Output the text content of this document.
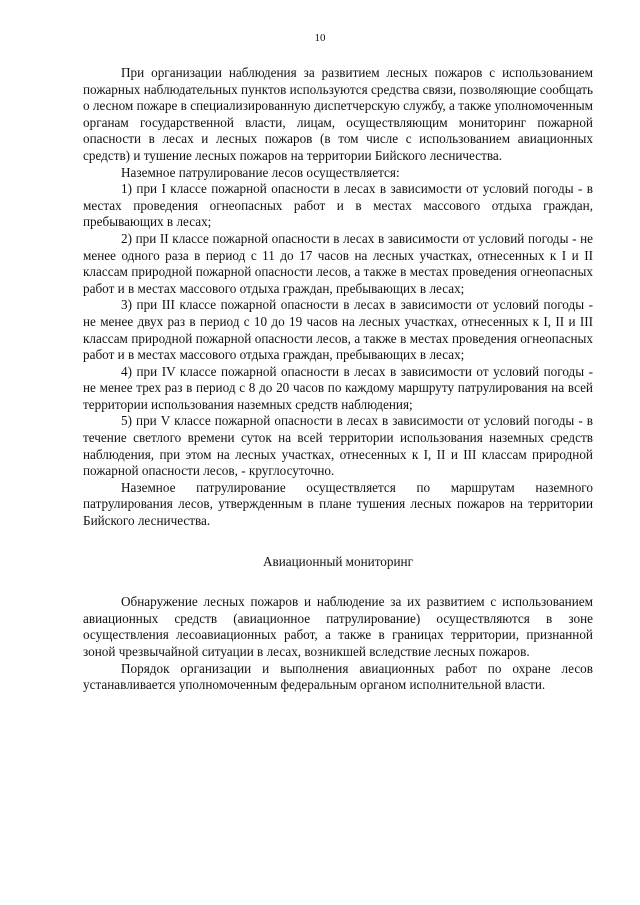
10

При организации наблюдения за развитием лесных пожаров с использованием пожарных наблюдательных пунктов используются средства связи, позволяющие сообщать о лесном пожаре в специализированную диспетчерскую службу, а также уполномоченным органам государственной власти, лицам, осуществляющим мониторинг пожарной опасности в лесах и лесных пожаров (в том числе с использованием авиационных средств) и тушение лесных пожаров на территории Бийского лесничества.

Наземное патрулирование лесов осуществляется:

1) при I классе пожарной опасности в лесах в зависимости от условий погоды - в местах проведения огнеопасных работ и в местах массового отдыха граждан, пребывающих в лесах;

2) при II классе пожарной опасности в лесах в зависимости от условий погоды - не менее одного раза в период с 11 до 17 часов на лесных участках, отнесенных к I и II классам природной пожарной опасности лесов, а также в местах проведения огнеопасных работ и в местах массового отдыха граждан, пребывающих в лесах;

3) при III классе пожарной опасности в лесах в зависимости от условий погоды - не менее двух раз в период с 10 до 19 часов на лесных участках, отнесенных к I, II и III классам природной пожарной опасности лесов, а также в местах проведения огнеопасных работ и в местах массового отдыха граждан, пребывающих в лесах;

4) при IV классе пожарной опасности в лесах в зависимости от условий погоды - не менее трех раз в период с 8 до 20 часов по каждому маршруту патрулирования на всей территории использования наземных средств наблюдения;

5) при V классе пожарной опасности в лесах в зависимости от условий погоды - в течение светлого времени суток на всей территории использования наземных средств наблюдения, при этом на лесных участках, отнесенных к I, II и III классам природной пожарной опасности лесов, - круглосуточно.

Наземное патрулирование осуществляется по маршрутам наземного патрулирования лесов, утвержденным в плане тушения лесных пожаров на территории Бийского лесничества.

Авиационный мониторинг

Обнаружение лесных пожаров и наблюдение за их развитием с использованием авиационных средств (авиационное патрулирование) осуществляются в зоне осуществления лесоавиационных работ, а также в границах территории, признанной зоной чрезвычайной ситуации в лесах, возникшей вследствие лесных пожаров.

Порядок организации и выполнения авиационных работ по охране лесов устанавливается уполномоченным федеральным органом исполнительной власти.
